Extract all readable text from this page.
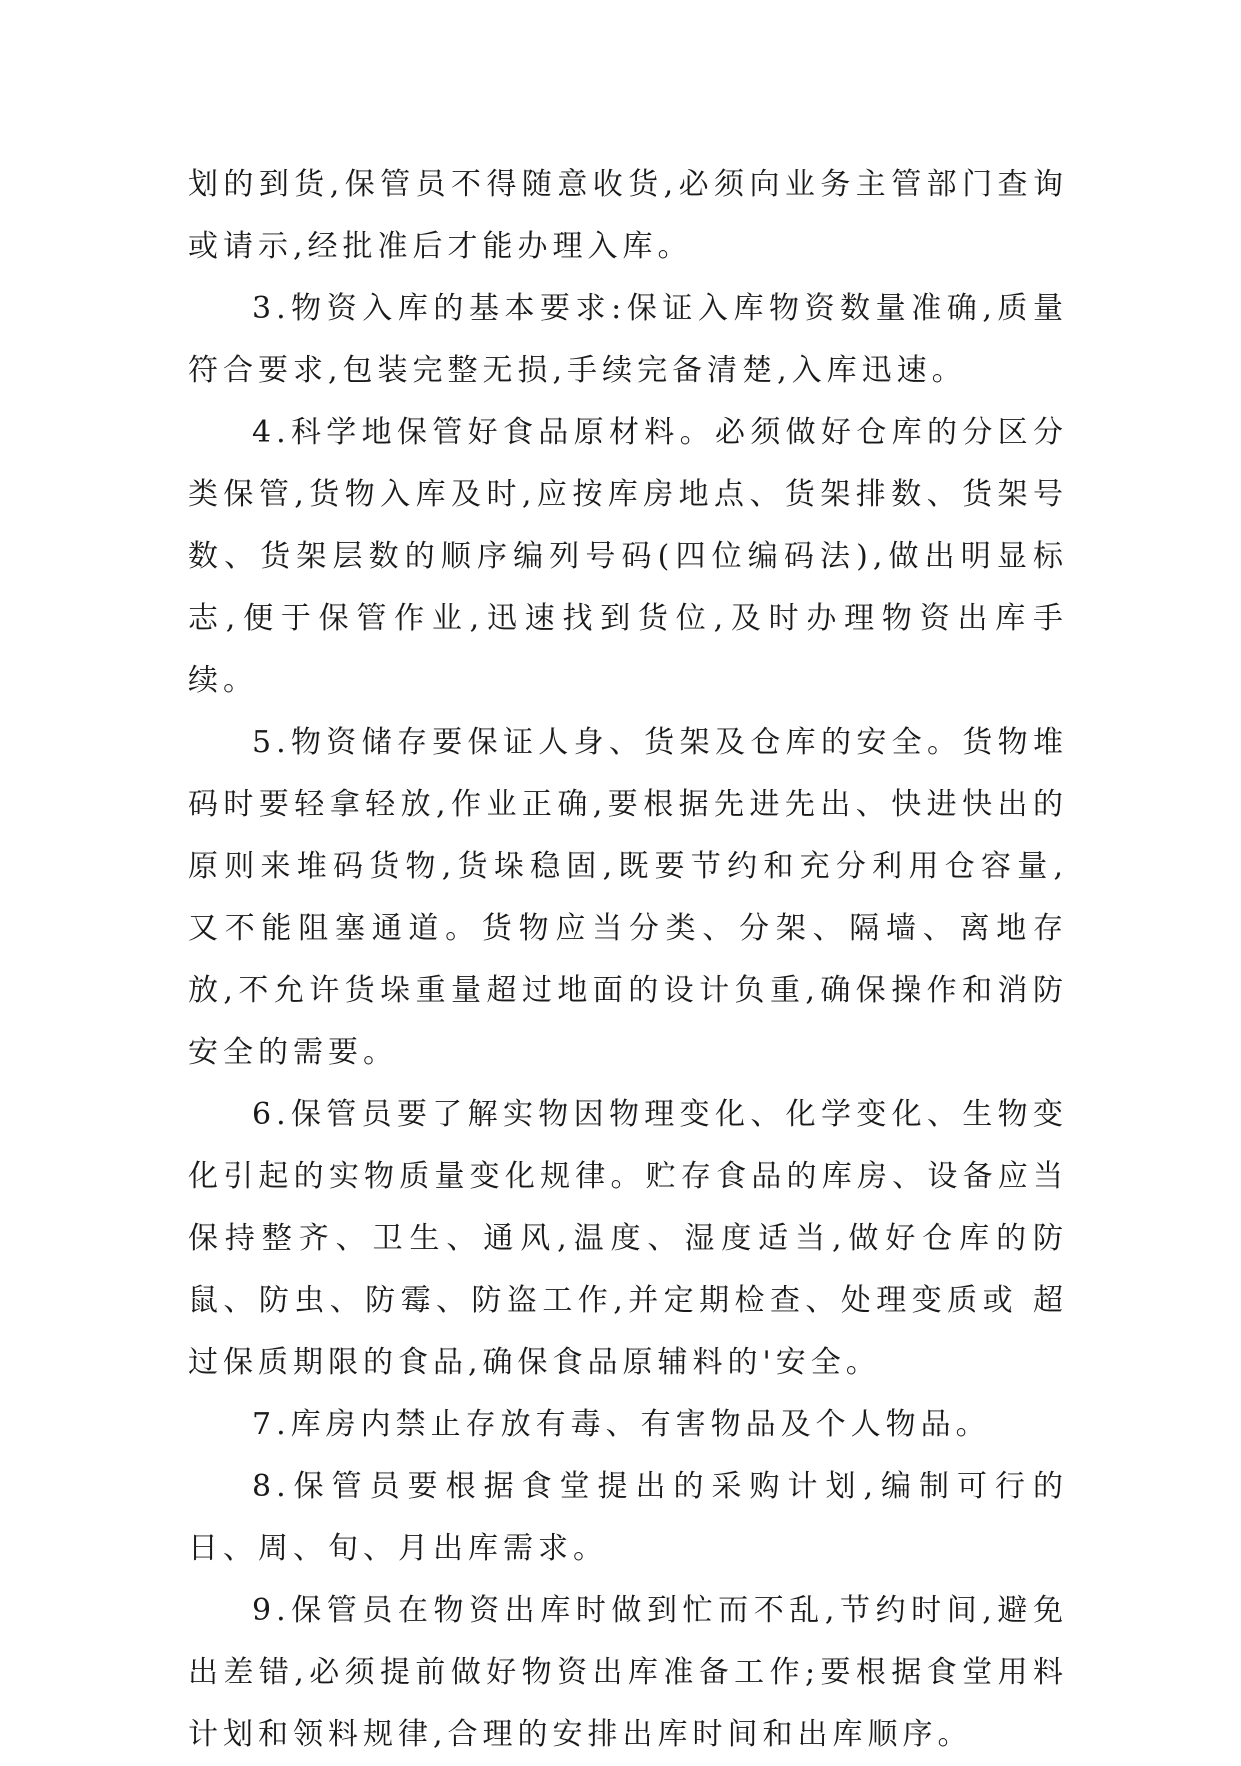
划的到货,保管员不得随意收货,必须向业务主管部门查询或请示,经批准后才能办理入库。

3.物资入库的基本要求:保证入库物资数量准确,质量符合要求,包装完整无损,手续完备清楚,入库迅速。

4.科学地保管好食品原材料。必须做好仓库的分区分类保管,货物入库及时,应按库房地点、货架排数、货架号数、货架层数的顺序编列号码(四位编码法),做出明显标志,便于保管作业,迅速找到货位,及时办理物资出库手续。

5.物资储存要保证人身、货架及仓库的安全。货物堆码时要轻拿轻放,作业正确,要根据先进先出、快进快出的原则来堆码货物,货垛稳固,既要节约和充分利用仓容量,又不能阻塞通道。货物应当分类、分架、隔墙、离地存放,不允许货垛重量超过地面的设计负重,确保操作和消防安全的需要。

6.保管员要了解实物因物理变化、化学变化、生物变化引起的实物质量变化规律。贮存食品的库房、设备应当保持整齐、卫生、通风,温度、湿度适当,做好仓库的防鼠、防虫、防霉、防盗工作,并定期检查、处理变质或 超过保质期限的食品,确保食品原辅料的'安全。

7.库房内禁止存放有毒、有害物品及个人物品。

8.保管员要根据食堂提出的采购计划,编制可行的日、周、旬、月出库需求。

9.保管员在物资出库时做到忙而不乱,节约时间,避免出差错,必须提前做好物资出库准备工作;要根据食堂用料计划和领料规律,合理的安排出库时间和出库顺序。
